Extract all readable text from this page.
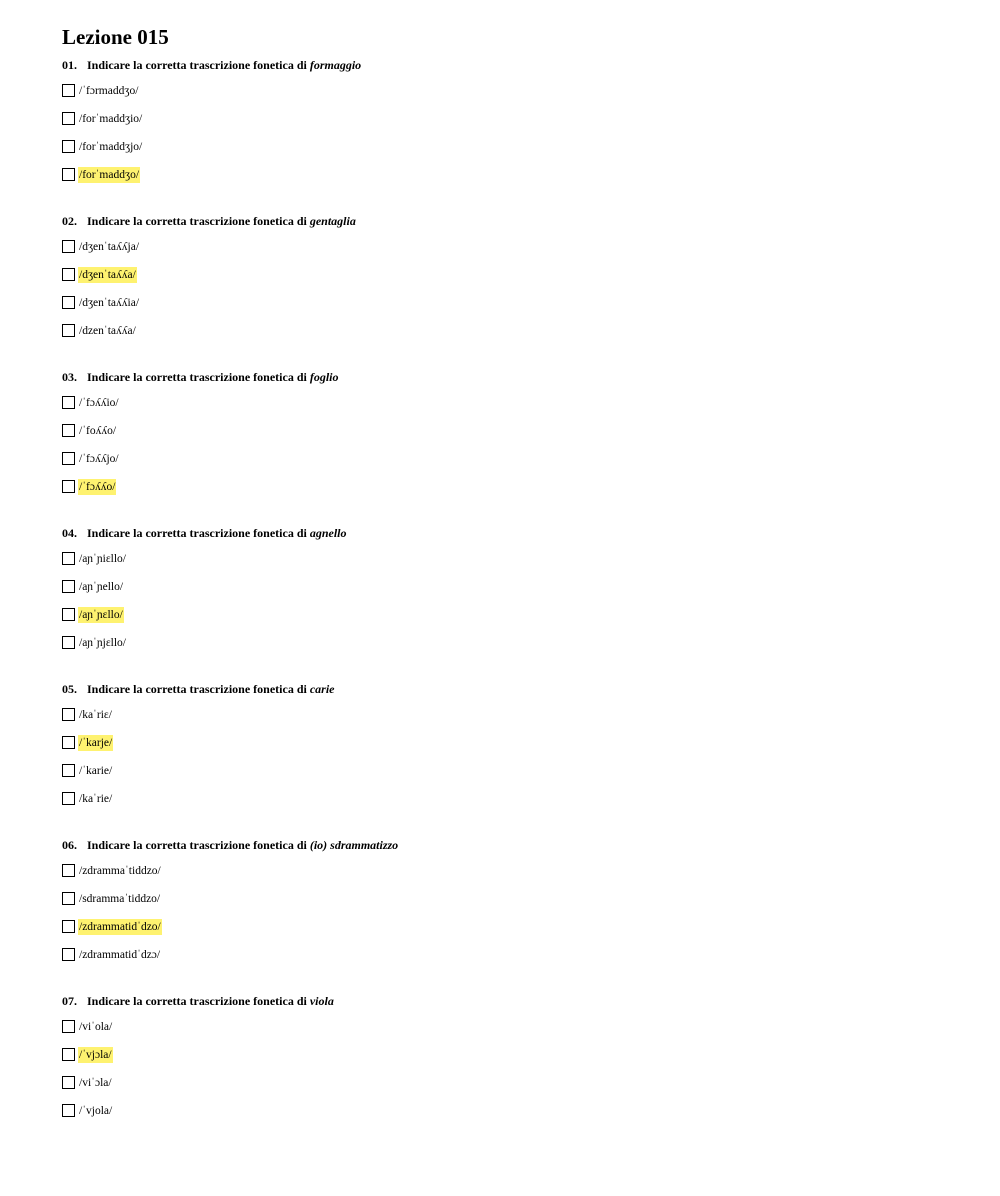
Lezione 015
01. Indicare la corretta trascrizione fonetica di formaggio
/ˈfɔrmaddʒo/
/forˈmaddʒio/
/forˈmaddʒjo/
/forˈmaddʒo/
02. Indicare la corretta trascrizione fonetica di gentaglia
/dʒenˈtaʎʎja/
/dʒenˈtaʎʎa/
/dʒenˈtaʎʎia/
/dzenˈtaʎʎa/
03. Indicare la corretta trascrizione fonetica di foglio
/ˈfɔʎʎio/
/ˈfoʎʎo/
/ˈfɔʎʎjo/
/ˈfɔʎʎo/
04. Indicare la corretta trascrizione fonetica di agnello
/aɲˈɲiɛllo/
/aɲˈɲello/
/aɲˈɲɛllo/
/aɲˈɲjɛllo/
05. Indicare la corretta trascrizione fonetica di carie
/kaˈriɛ/
/ˈkarje/
/ˈkarie/
/kaˈrie/
06. Indicare la corretta trascrizione fonetica di (io) sdrammatizzo
/zdrammaˈtiddzo/
/sdrammaˈtiddzo/
/zdrammatidˈdzo/
/zdrammatidˈdzɔ/
07. Indicare la corretta trascrizione fonetica di viola
/viˈola/
/ˈvjɔla/
/viˈɔla/
/ˈvjola/
